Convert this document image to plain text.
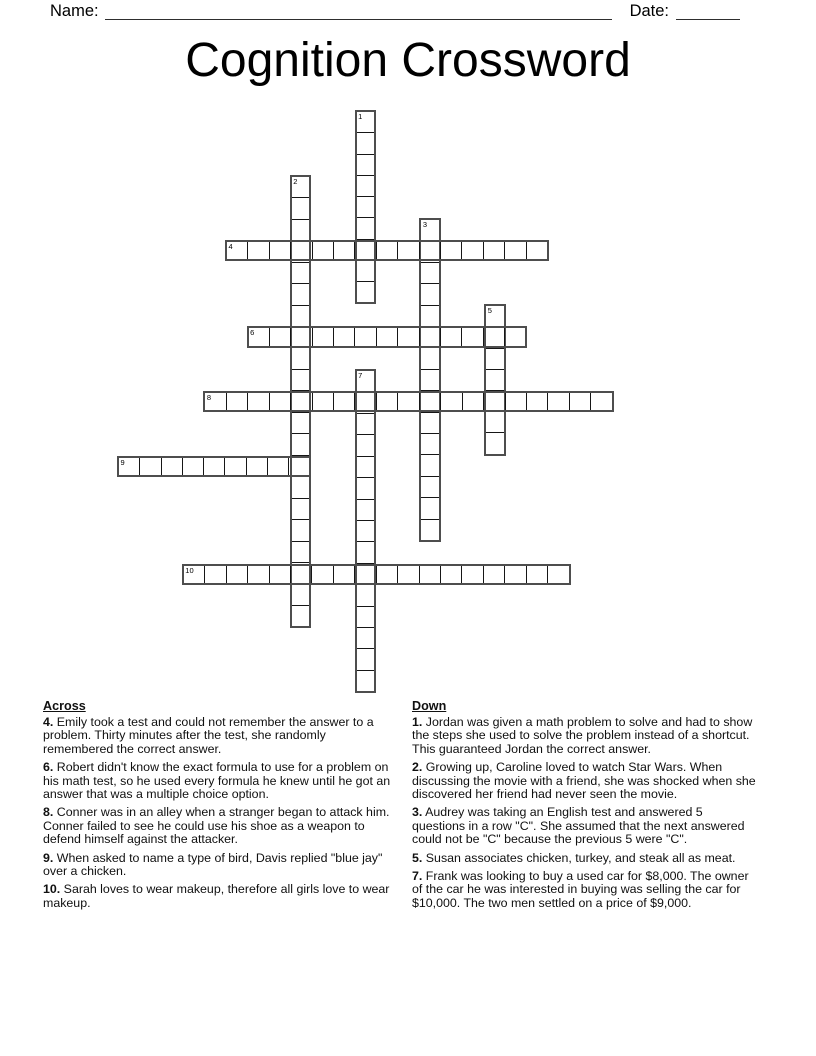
Name:	Date:
Cognition Crossword
1
2
3
4
5
6
7
8
9
10
Across

4. Emily took a test and could not remember the answer to a problem. Thirty minutes after the test, she randomly remembered the correct answer.

6. Robert didn't know the exact formula to use for a problem on his math test, so he used every formula he knew until he got an answer that was a multiple choice option.

8. Conner was in an alley when a stranger began to attack him. Conner failed to see he could use his shoe as a weapon to defend himself against the attacker.

9. When asked to name a type of bird, Davis replied "blue jay" over a chicken.

10. Sarah loves to wear makeup, therefore all girls love to wear makeup.

Down

1. Jordan was given a math problem to solve and had to show the steps she used to solve the problem instead of a shortcut. This guaranteed Jordan the correct answer.

2. Growing up, Caroline loved to watch Star Wars. When discussing the movie with a friend, she was shocked when she discovered her friend had never seen the movie.

3. Audrey was taking an English test and answered 5 questions in a row "C". She assumed that the next answered could not be "C" because the previous 5 were "C".

5. Susan associates chicken, turkey, and steak all as meat.

7. Frank was looking to buy a used car for $8,000. The owner of the car he was interested in buying was selling the car for $10,000. The two men settled on a price of $9,000.
